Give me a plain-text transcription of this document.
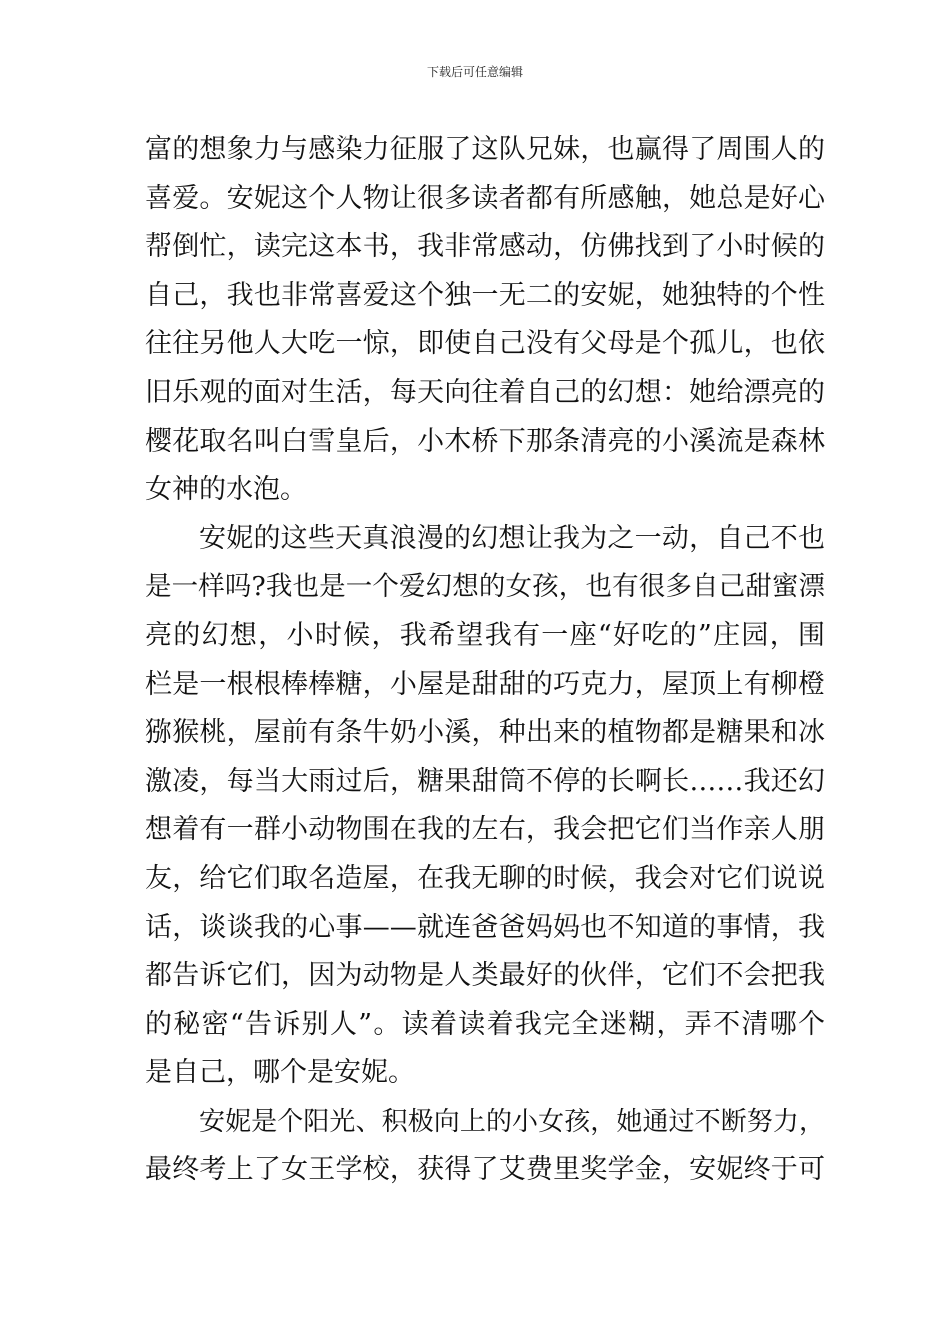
下载后可任意编辑
富的想象力与感染力征服了这队兄妹，也赢得了周围人的
喜爱。安妮这个人物让很多读者都有所感触，她总是好心
帮倒忙，读完这本书，我非常感动，仿佛找到了小时候的
自己，我也非常喜爱这个独一无二的安妮，她独特的个性
往往另他人大吃一惊，即使自己没有父母是个孤儿，也依
旧乐观的面对生活，每天向往着自己的幻想：她给漂亮的
樱花取名叫白雪皇后，小木桥下那条清亮的小溪流是森林
女神的水泡。
安妮的这些天真浪漫的幻想让我为之一动，自己不也
是一样吗?我也是一个爱幻想的女孩，也有很多自己甜蜜漂
亮的幻想，小时候，我希望我有一座“好吃的”庄园，围
栏是一根根棒棒糖，小屋是甜甜的巧克力，屋顶上有柳橙
猕猴桃，屋前有条牛奶小溪，种出来的植物都是糖果和冰
激凌，每当大雨过后，糖果甜筒不停的长啊长……我还幻
想着有一群小动物围在我的左右，我会把它们当作亲人朋
友，给它们取名造屋，在我无聊的时候，我会对它们说说
话，谈谈我的心事——就连爸爸妈妈也不知道的事情，我
都告诉它们，因为动物是人类最好的伙伴，它们不会把我
的秘密“告诉别人”。读着读着我完全迷糊，弄不清哪个
是自己，哪个是安妮。
安妮是个阳光、积极向上的小女孩，她通过不断努力，
最终考上了女王学校，获得了艾费里奖学金，安妮终于可
